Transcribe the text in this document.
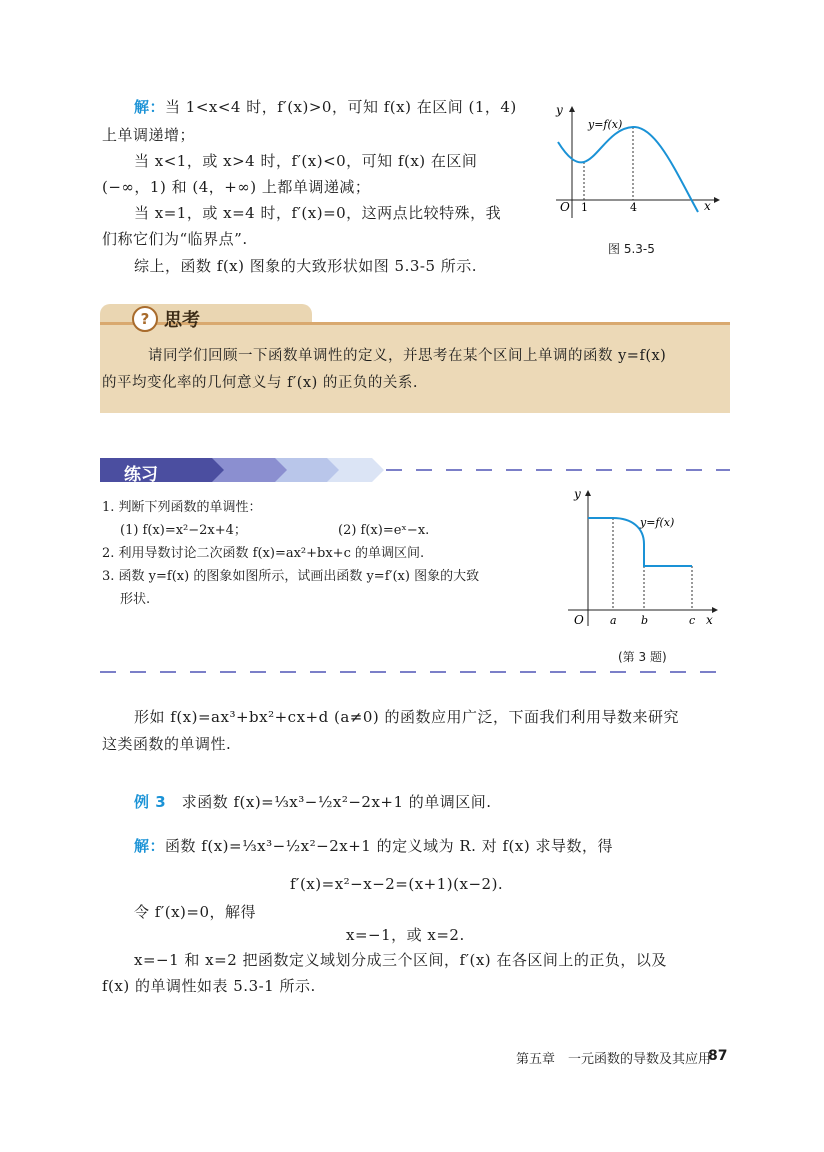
解：当 1<x<4 时，f′(x)>0，可知 f(x) 在区间 (1，4)
上单调递增；
当 x<1，或 x>4 时，f′(x)<0，可知 f(x) 在区间
(−∞，1) 和 (4，+∞) 上都单调递减；
当 x=1，或 x=4 时，f′(x)=0，这两点比较特殊，我
们称它们为“临界点”.
综上，函数 f(x) 图象的大致形状如图 5.3-5 所示.
y
x
O 1	4
y=f(x)
图 5.3-5
? 思考
请同学们回顾一下函数单调性的定义，并思考在某个区间上单调的函数 y=f(x)
的平均变化率的几何意义与 f′(x) 的正负的关系.
练习
1. 判断下列函数的单调性：
(1) f(x)=x²−2x+4；	(2) f(x)=eˣ−x.
2. 利用导数讨论二次函数 f(x)=ax²+bx+c 的单调区间.
3. 函数 y=f(x) 的图象如图所示，试画出函数 y=f′(x) 图象的大致
形状.
y
x
O a b	c
y=f(x)
(第 3 题)
形如 f(x)=ax³+bx²+cx+d (a≠0) 的函数应用广泛，下面我们利用导数来研究
这类函数的单调性.
例 3　 求函数 f(x)=⅓x³−½x²−2x+1 的单调区间.
解：函数 f(x)=⅓x³−½x²−2x+1 的定义域为 R. 对 f(x) 求导数，得
f′(x)=x²−x−2=(x+1)(x−2).
令 f′(x)=0，解得
x=−1，或 x=2.
x=−1 和 x=2 把函数定义域划分成三个区间，f′(x) 在各区间上的正负，以及
f(x) 的单调性如表 5.3-1 所示.
第五章　一元函数的导数及其应用
87
